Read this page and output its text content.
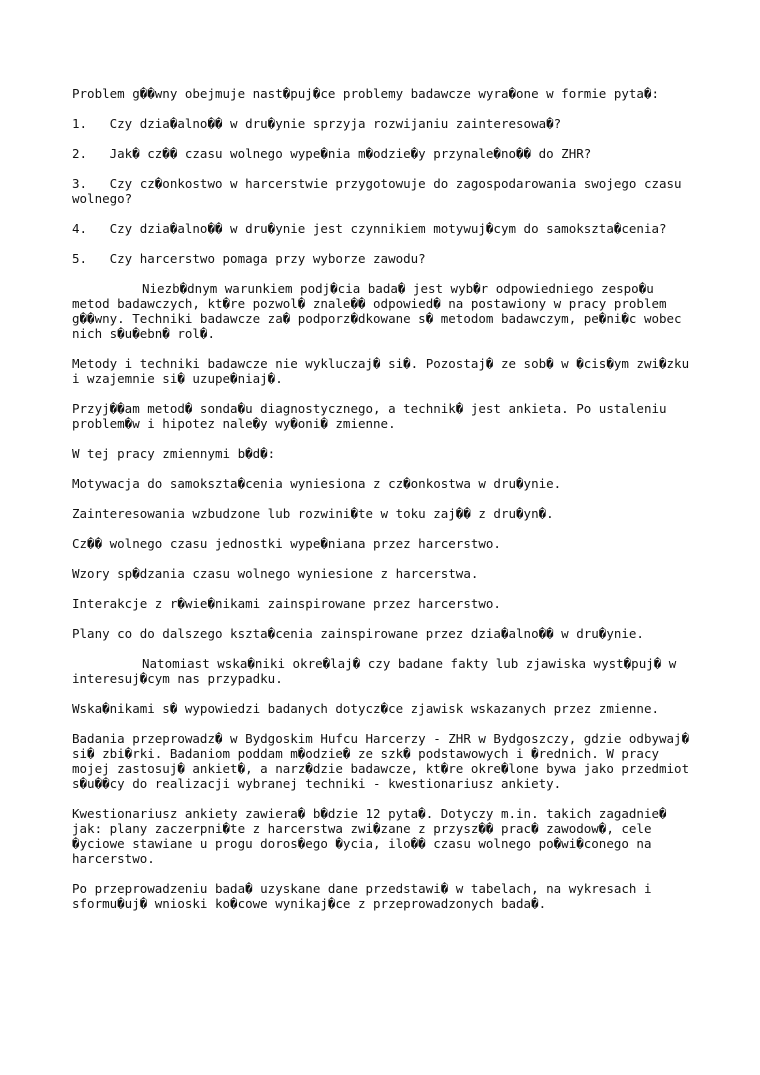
Problem g��wny obejmuje nast�puj�ce problemy badawcze wyra�one w formie pyta�:

1.   Czy dzia�alno�� w dru�ynie sprzyja rozwijaniu zainteresowa�?

2.   Jak� cz�� czasu wolnego wype�nia m�odzie�y przynale�no�� do ZHR?

3.   Czy cz�onkostwo w harcerstwie przygotowuje do zagospodarowania swojego czasu wolnego?

4.   Czy dzia�alno�� w dru�ynie jest czynnikiem motywuj�cym do samokszta�cenia?

5.   Czy harcerstwo pomaga przy wyborze zawodu?

Niezb�dnym warunkiem podj�cia bada� jest wyb�r odpowiedniego zespo�u metod badawczych, kt�re pozwol� znale�� odpowied� na postawiony w pracy problem g��wny. Techniki badawcze za� podporz�dkowane s� metodom badawczym, pe�ni�c wobec nich s�u�ebn� rol�.

Metody i techniki badawcze nie wykluczaj� si�. Pozostaj� ze sob� w �cis�ym zwi�zku i wzajemnie si� uzupe�niaj�.

Przyj��am metod� sonda�u diagnostycznego, a technik� jest ankieta. Po ustaleniu problem�w i hipotez nale�y wy�oni� zmienne.

W tej pracy zmiennymi b�d�:

Motywacja do samokszta�cenia wyniesiona z cz�onkostwa w dru�ynie.

Zainteresowania wzbudzone lub rozwini�te w toku zaj�� z dru�yn�.

Cz�� wolnego czasu jednostki wype�niana przez harcerstwo.

Wzory sp�dzania czasu wolnego wyniesione z harcerstwa.

Interakcje z r�wie�nikami zainspirowane przez harcerstwo.

Plany co do dalszego kszta�cenia zainspirowane przez dzia�alno�� w dru�ynie.

Natomiast wska�niki okre�laj� czy badane fakty lub zjawiska wyst�puj� w interesuj�cym nas przypadku.

Wska�nikami s� wypowiedzi badanych dotycz�ce zjawisk wskazanych przez zmienne.

Badania przeprowadz� w Bydgoskim Hufcu Harcerzy - ZHR w Bydgoszczy, gdzie odbywaj� si� zbi�rki. Badaniom poddam m�odzie� ze szk� podstawowych i �rednich. W pracy mojej zastosuj� ankiet�, a narz�dzie badawcze, kt�re okre�lone bywa jako przedmiot s�u��cy do realizacji wybranej techniki - kwestionariusz ankiety.

Kwestionariusz ankiety zawiera� b�dzie 12 pyta�. Dotyczy m.in. takich zagadnie� jak: plany zaczerpni�te z harcerstwa zwi�zane z przysz�� prac� zawodow�, cele �yciowe stawiane u progu doros�ego �ycia, ilo�� czasu wolnego po�wi�conego na harcerstwo.

Po przeprowadzeniu bada� uzyskane dane przedstawi� w tabelach, na wykresach i sformu�uj� wnioski ko�cowe wynikaj�ce z przeprowadzonych bada�.
